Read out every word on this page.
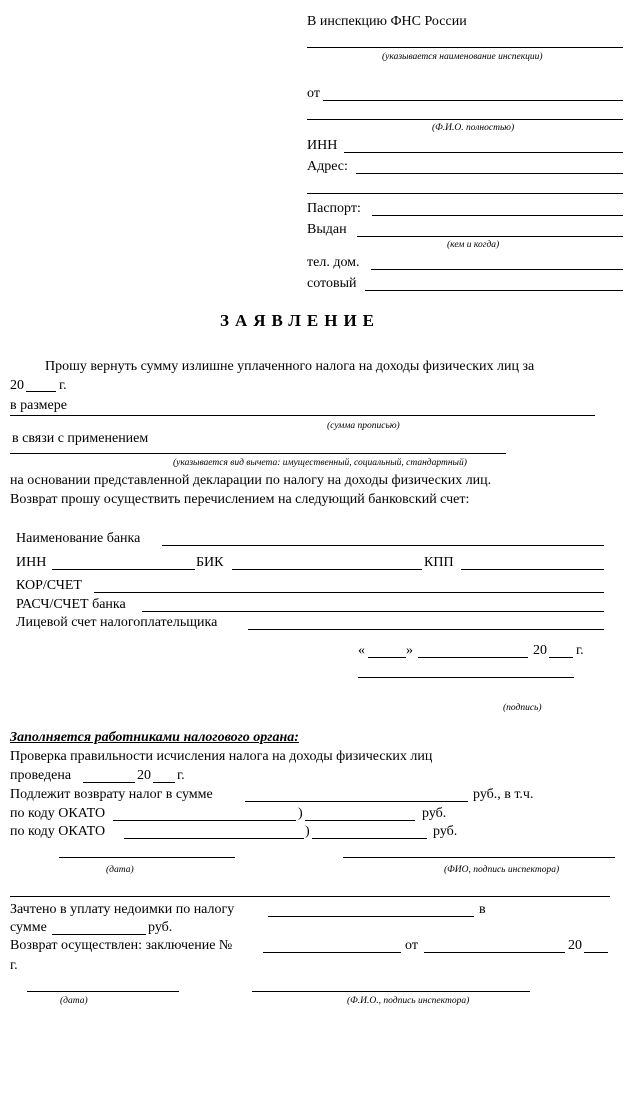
В инспекцию ФНС России
(указывается наименование инспекции)
от
(Ф.И.О. полностью)
ИНН
Адрес:
Паспорт:
Выдан
(кем и когда)
тел. дом.
сотовый
ЗАЯВЛЕНИЕ
Прошу вернуть сумму излишне уплаченного налога на доходы физических лиц за
20	г.
в размере
(сумма прописью)
в связи с применением
(указывается вид вычета: имущественный, социальный, стандартный)
на основании представленной декларации по налогу на доходы физических лиц.
Возврат прошу осуществить перечислением на следующий банковский счет:
Наименование банка
ИНН	БИК	КПП
КОР/СЧЕТ
РАСЧ/СЧЕТ банка
Лицевой счет налогоплательщика
«	»	20 г.
(подпись)
Заполняется работниками налогового органа:
Проверка правильности исчисления налога на доходы физических лиц
проведена	20 г.
Подлежит возврату налог в сумме	руб., в т.ч.
по коду ОКАТО	)	руб.
по коду ОКАТО	)	руб.
(дата)	(ФИО, подпись инспектора)
Зачтено в уплату недоимки по налогу	в
сумме	руб.
Возврат осуществлен: заключение №	от	20
г.
(дата)	(Ф.И.О., подпись инспектора)
